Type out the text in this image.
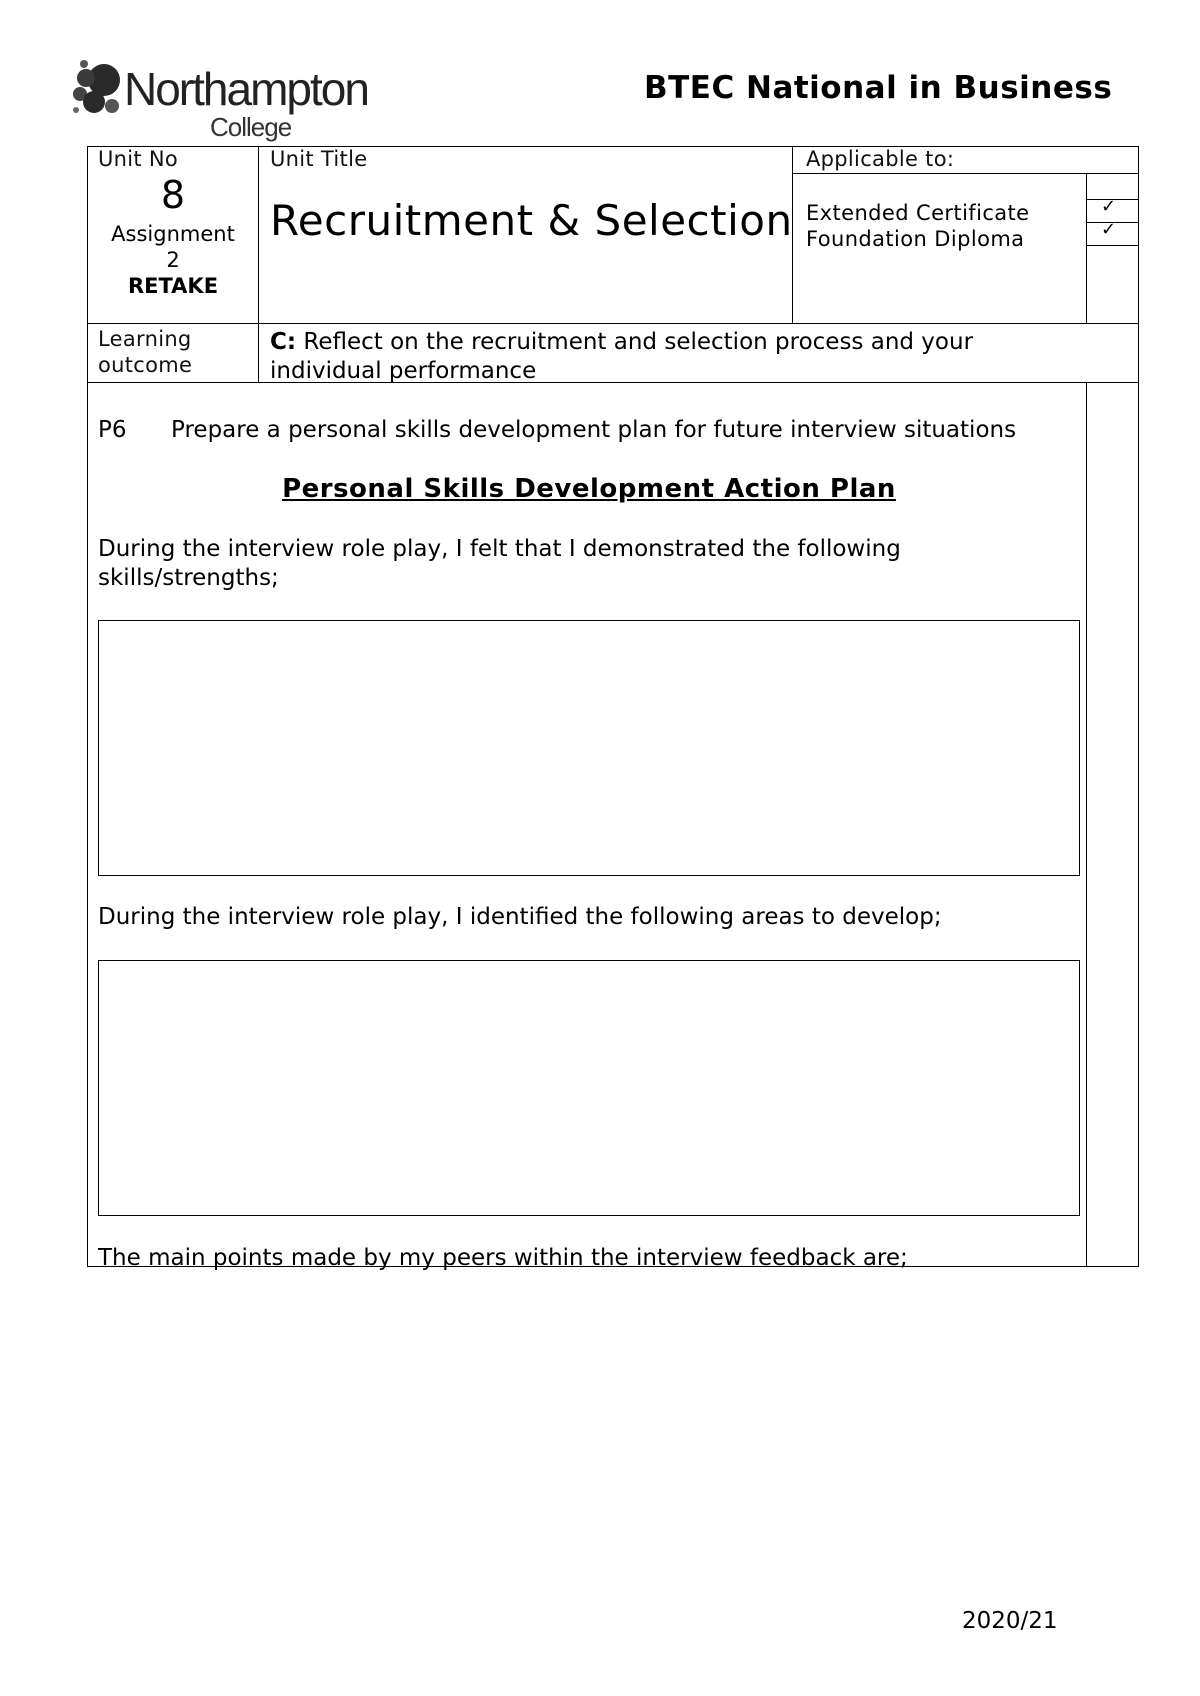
Northampton
College
BTEC National in Business
Unit No
8
Assignment
2
RETAKE
Unit Title
Recruitment & Selection
Applicable to:
Extended Certificate
Foundation Diploma
✓
✓
Learning
outcome
C: Reflect on the recruitment and selection process and your individual performance
P6 Prepare a personal skills development plan for future interview situations
Personal Skills Development Action Plan
During the interview role play, I felt that I demonstrated the following skills/strengths;
During the interview role play, I identified the following areas to develop;
The main points made by my peers within the interview feedback are;
2020/21
